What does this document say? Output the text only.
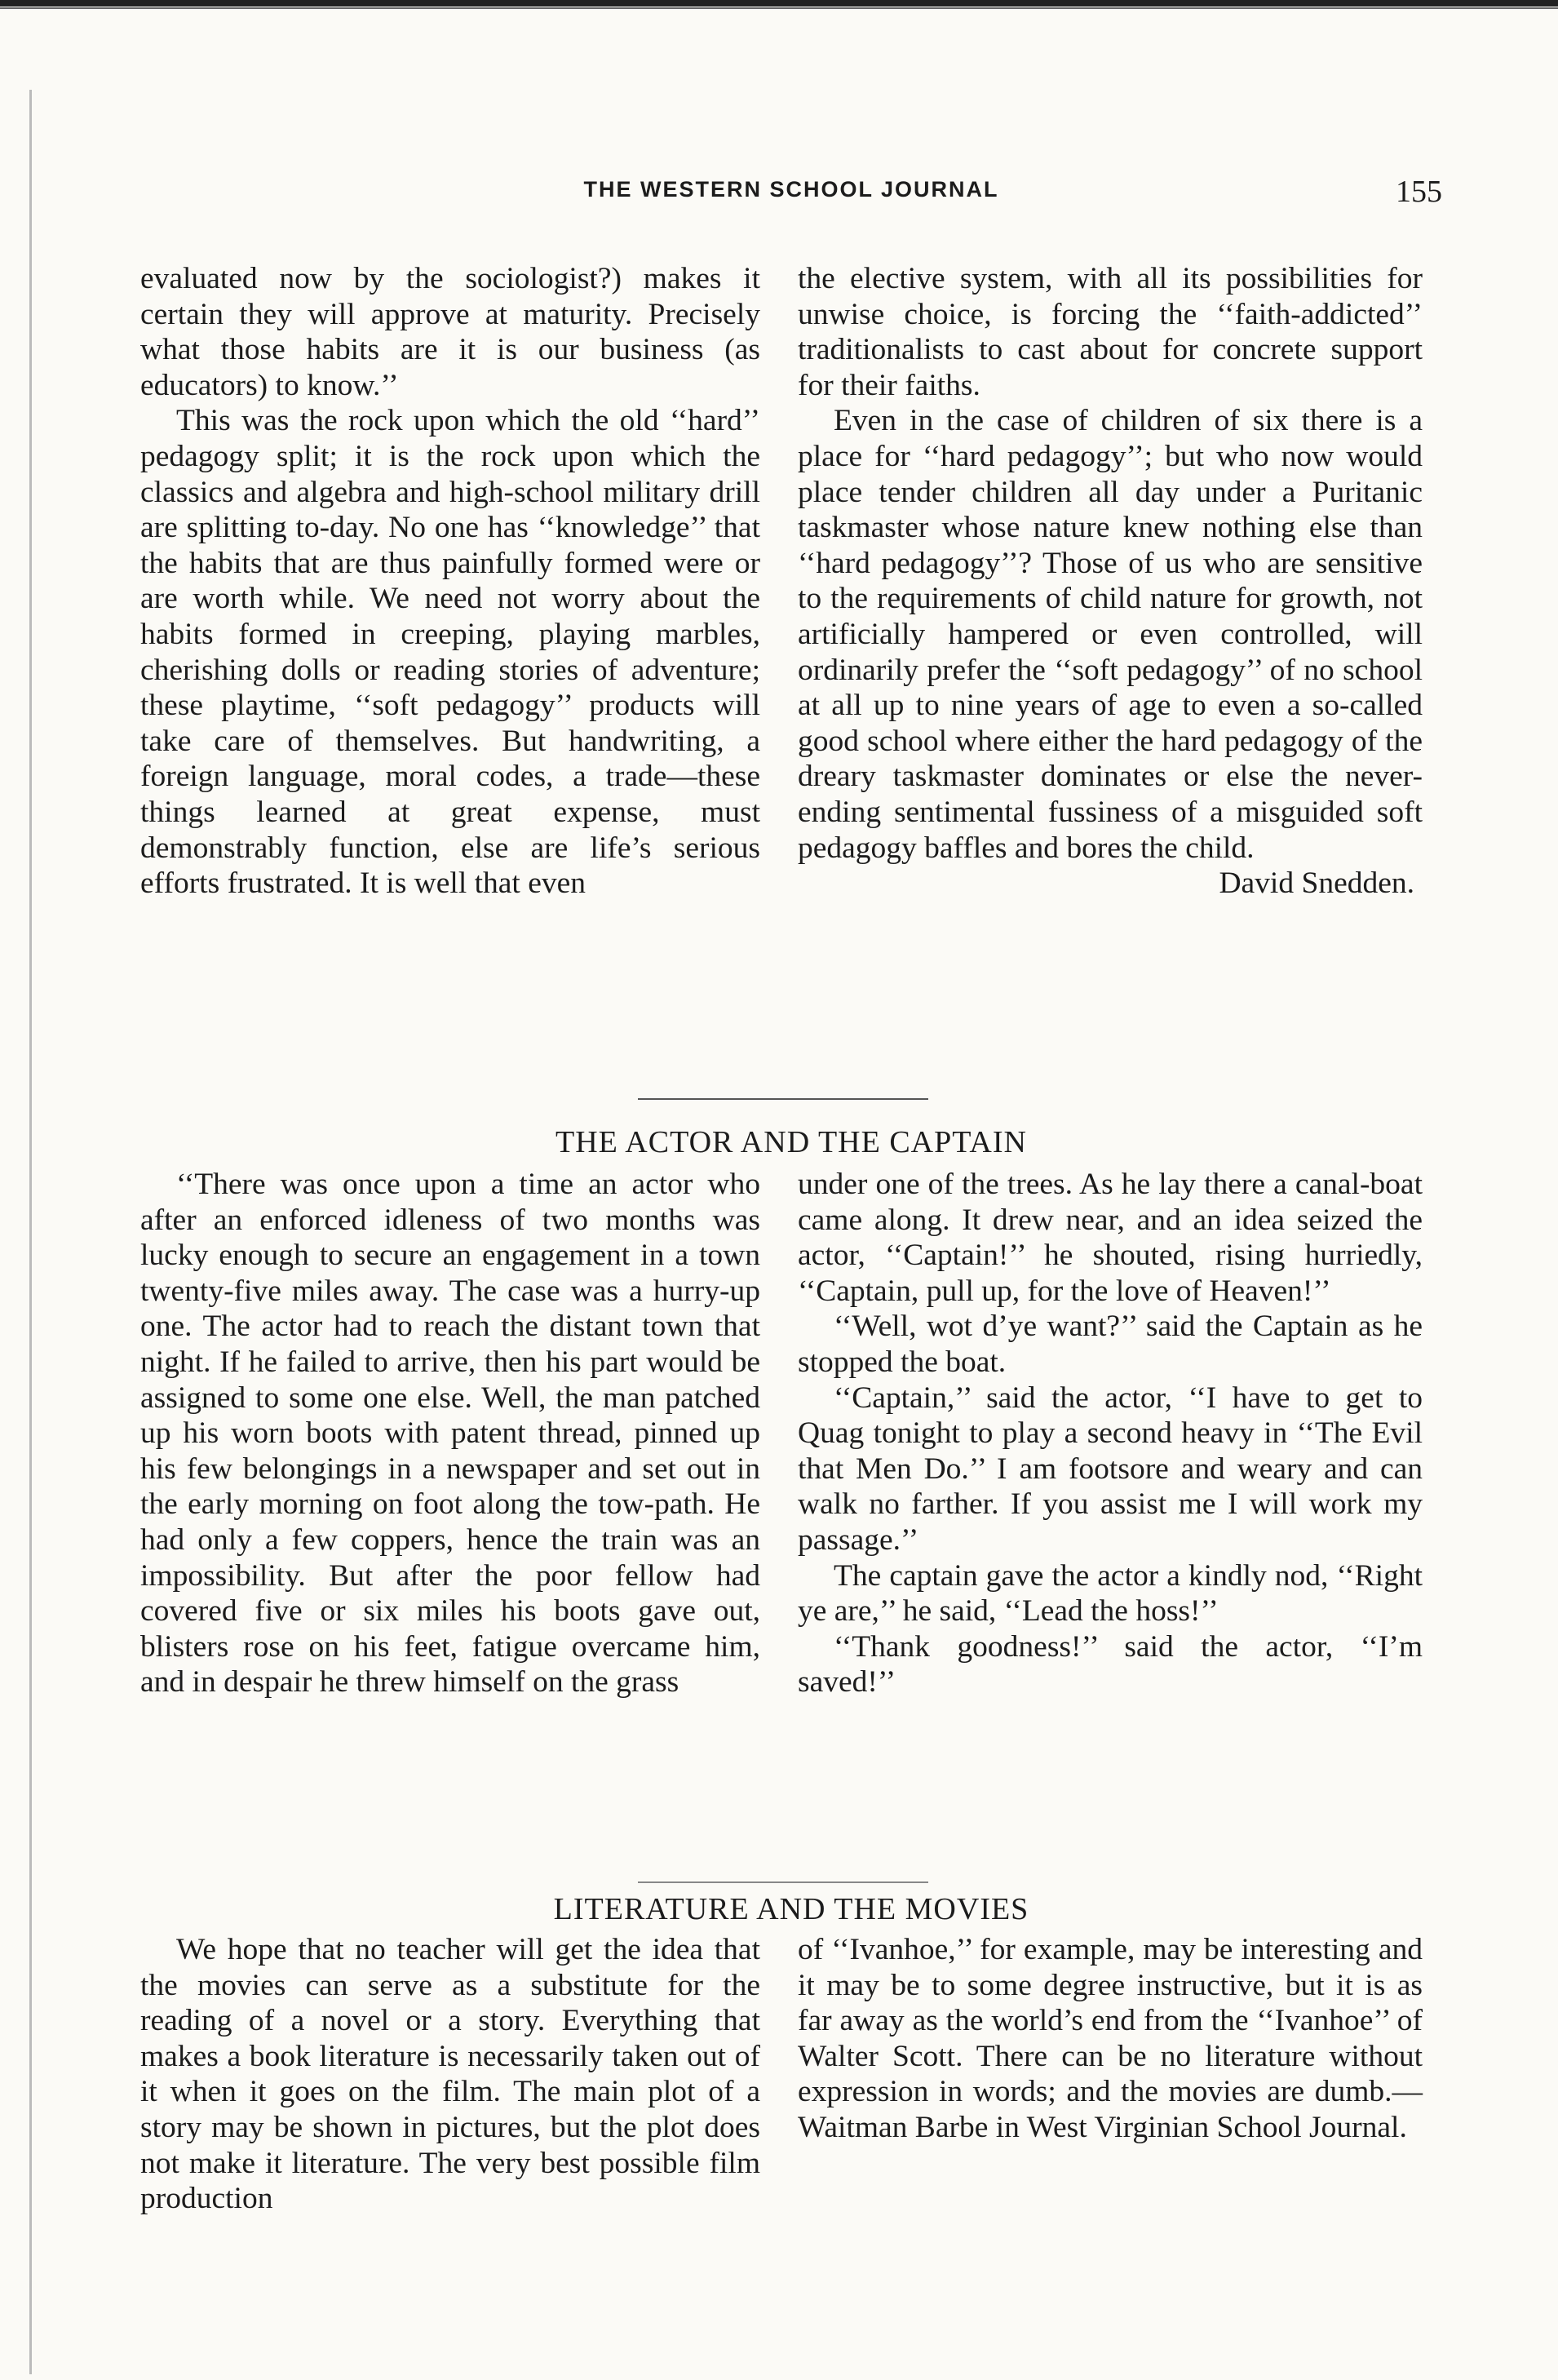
THE WESTERN SCHOOL JOURNAL	155

evaluated now by the sociologist?) makes it certain they will approve at maturity. Precisely what those habits are it is our business (as educators) to know.’’

This was the rock upon which the old ‘‘hard’’ pedagogy split; it is the rock upon which the classics and algebra and high-school military drill are splitting to-day. No one has ‘‘knowledge’’ that the habits that are thus painfully formed were or are worth while. We need not worry about the habits formed in creeping, playing marbles, cherishing dolls or reading stories of adventure; these playtime, ‘‘soft pedagogy’’ products will take care of themselves. But handwriting, a foreign language, moral codes, a trade—these things learned at great expense, must demonstrably function, else are life’s serious efforts frustrated. It is well that even

the elective system, with all its possibilities for unwise choice, is forcing the ‘‘faith-addicted’’ traditionalists to cast about for concrete support for their faiths.

Even in the case of children of six there is a place for ‘‘hard pedagogy’’; but who now would place tender children all day under a Puritanic taskmaster whose nature knew nothing else than ‘‘hard pedagogy’’? Those of us who are sensitive to the requirements of child nature for growth, not artificially hampered or even controlled, will ordinarily prefer the ‘‘soft pedagogy’’ of no school at all up to nine years of age to even a so-called good school where either the hard pedagogy of the dreary taskmaster dominates or else the never-ending sentimental fussiness of a misguided soft pedagogy baffles and bores the child.

David Snedden.

THE ACTOR AND THE CAPTAIN

‘‘There was once upon a time an actor who after an enforced idleness of two months was lucky enough to secure an engagement in a town twenty-five miles away. The case was a hurry-up one. The actor had to reach the distant town that night. If he failed to arrive, then his part would be assigned to some one else. Well, the man patched up his worn boots with patent thread, pinned up his few belongings in a newspaper and set out in the early morning on foot along the tow-path. He had only a few coppers, hence the train was an impossibility. But after the poor fellow had covered five or six miles his boots gave out, blisters rose on his feet, fatigue overcame him, and in despair he threw himself on the grass

under one of the trees. As he lay there a canal-boat came along. It drew near, and an idea seized the actor, ‘‘Captain!’’ he shouted, rising hurriedly, ‘‘Captain, pull up, for the love of Heaven!’’

‘‘Well, wot d’ye want?’’ said the Captain as he stopped the boat.

‘‘Captain,’’ said the actor, ‘‘I have to get to Quag tonight to play a second heavy in ‘‘The Evil that Men Do.’’ I am footsore and weary and can walk no farther. If you assist me I will work my passage.’’

The captain gave the actor a kindly nod, ‘‘Right ye are,’’ he said, ‘‘Lead the hoss!’’

‘‘Thank goodness!’’ said the actor, ‘‘I’m saved!’’

LITERATURE AND THE MOVIES

We hope that no teacher will get the idea that the movies can serve as a substitute for the reading of a novel or a story. Everything that makes a book literature is necessarily taken out of it when it goes on the film. The main plot of a story may be shown in pictures, but the plot does not make it literature. The very best possible film production

of ‘‘Ivanhoe,’’ for example, may be interesting and it may be to some degree instructive, but it is as far away as the world’s end from the ‘‘Ivanhoe’’ of Walter Scott. There can be no literature without expression in words; and the movies are dumb.—Waitman Barbe in West Virginian School Journal.
